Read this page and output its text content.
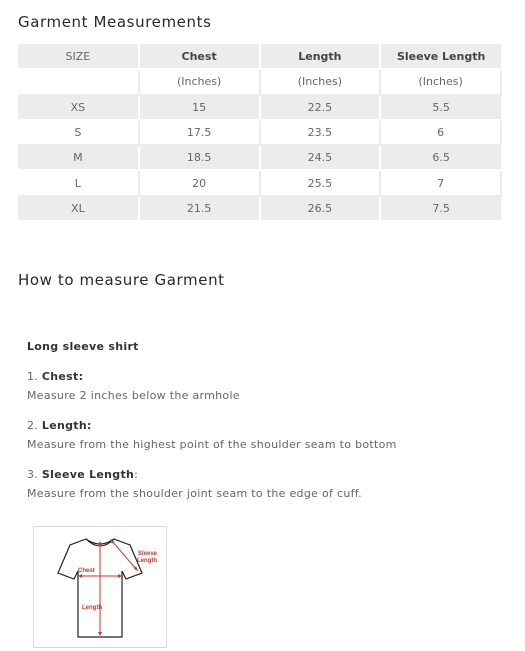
Garment Measurements
SIZE	Chest	Length	Sleeve Length
	(Inches)	(Inches)	(Inches)
XS	15	22.5	5.5
S	17.5	23.5	6
M	18.5	24.5	6.5
L	20	25.5	7
XL	21.5	26.5	7.5
How to measure Garment
Long sleeve shirt
1. Chest:
Measure 2 inches below the armhole
2. Length:
Measure from the highest point of the shoulder seam to bottom
3. Sleeve Length:
Measure from the shoulder joint seam to the edge of cuff.
Chest
Length
Sleeve
Length
